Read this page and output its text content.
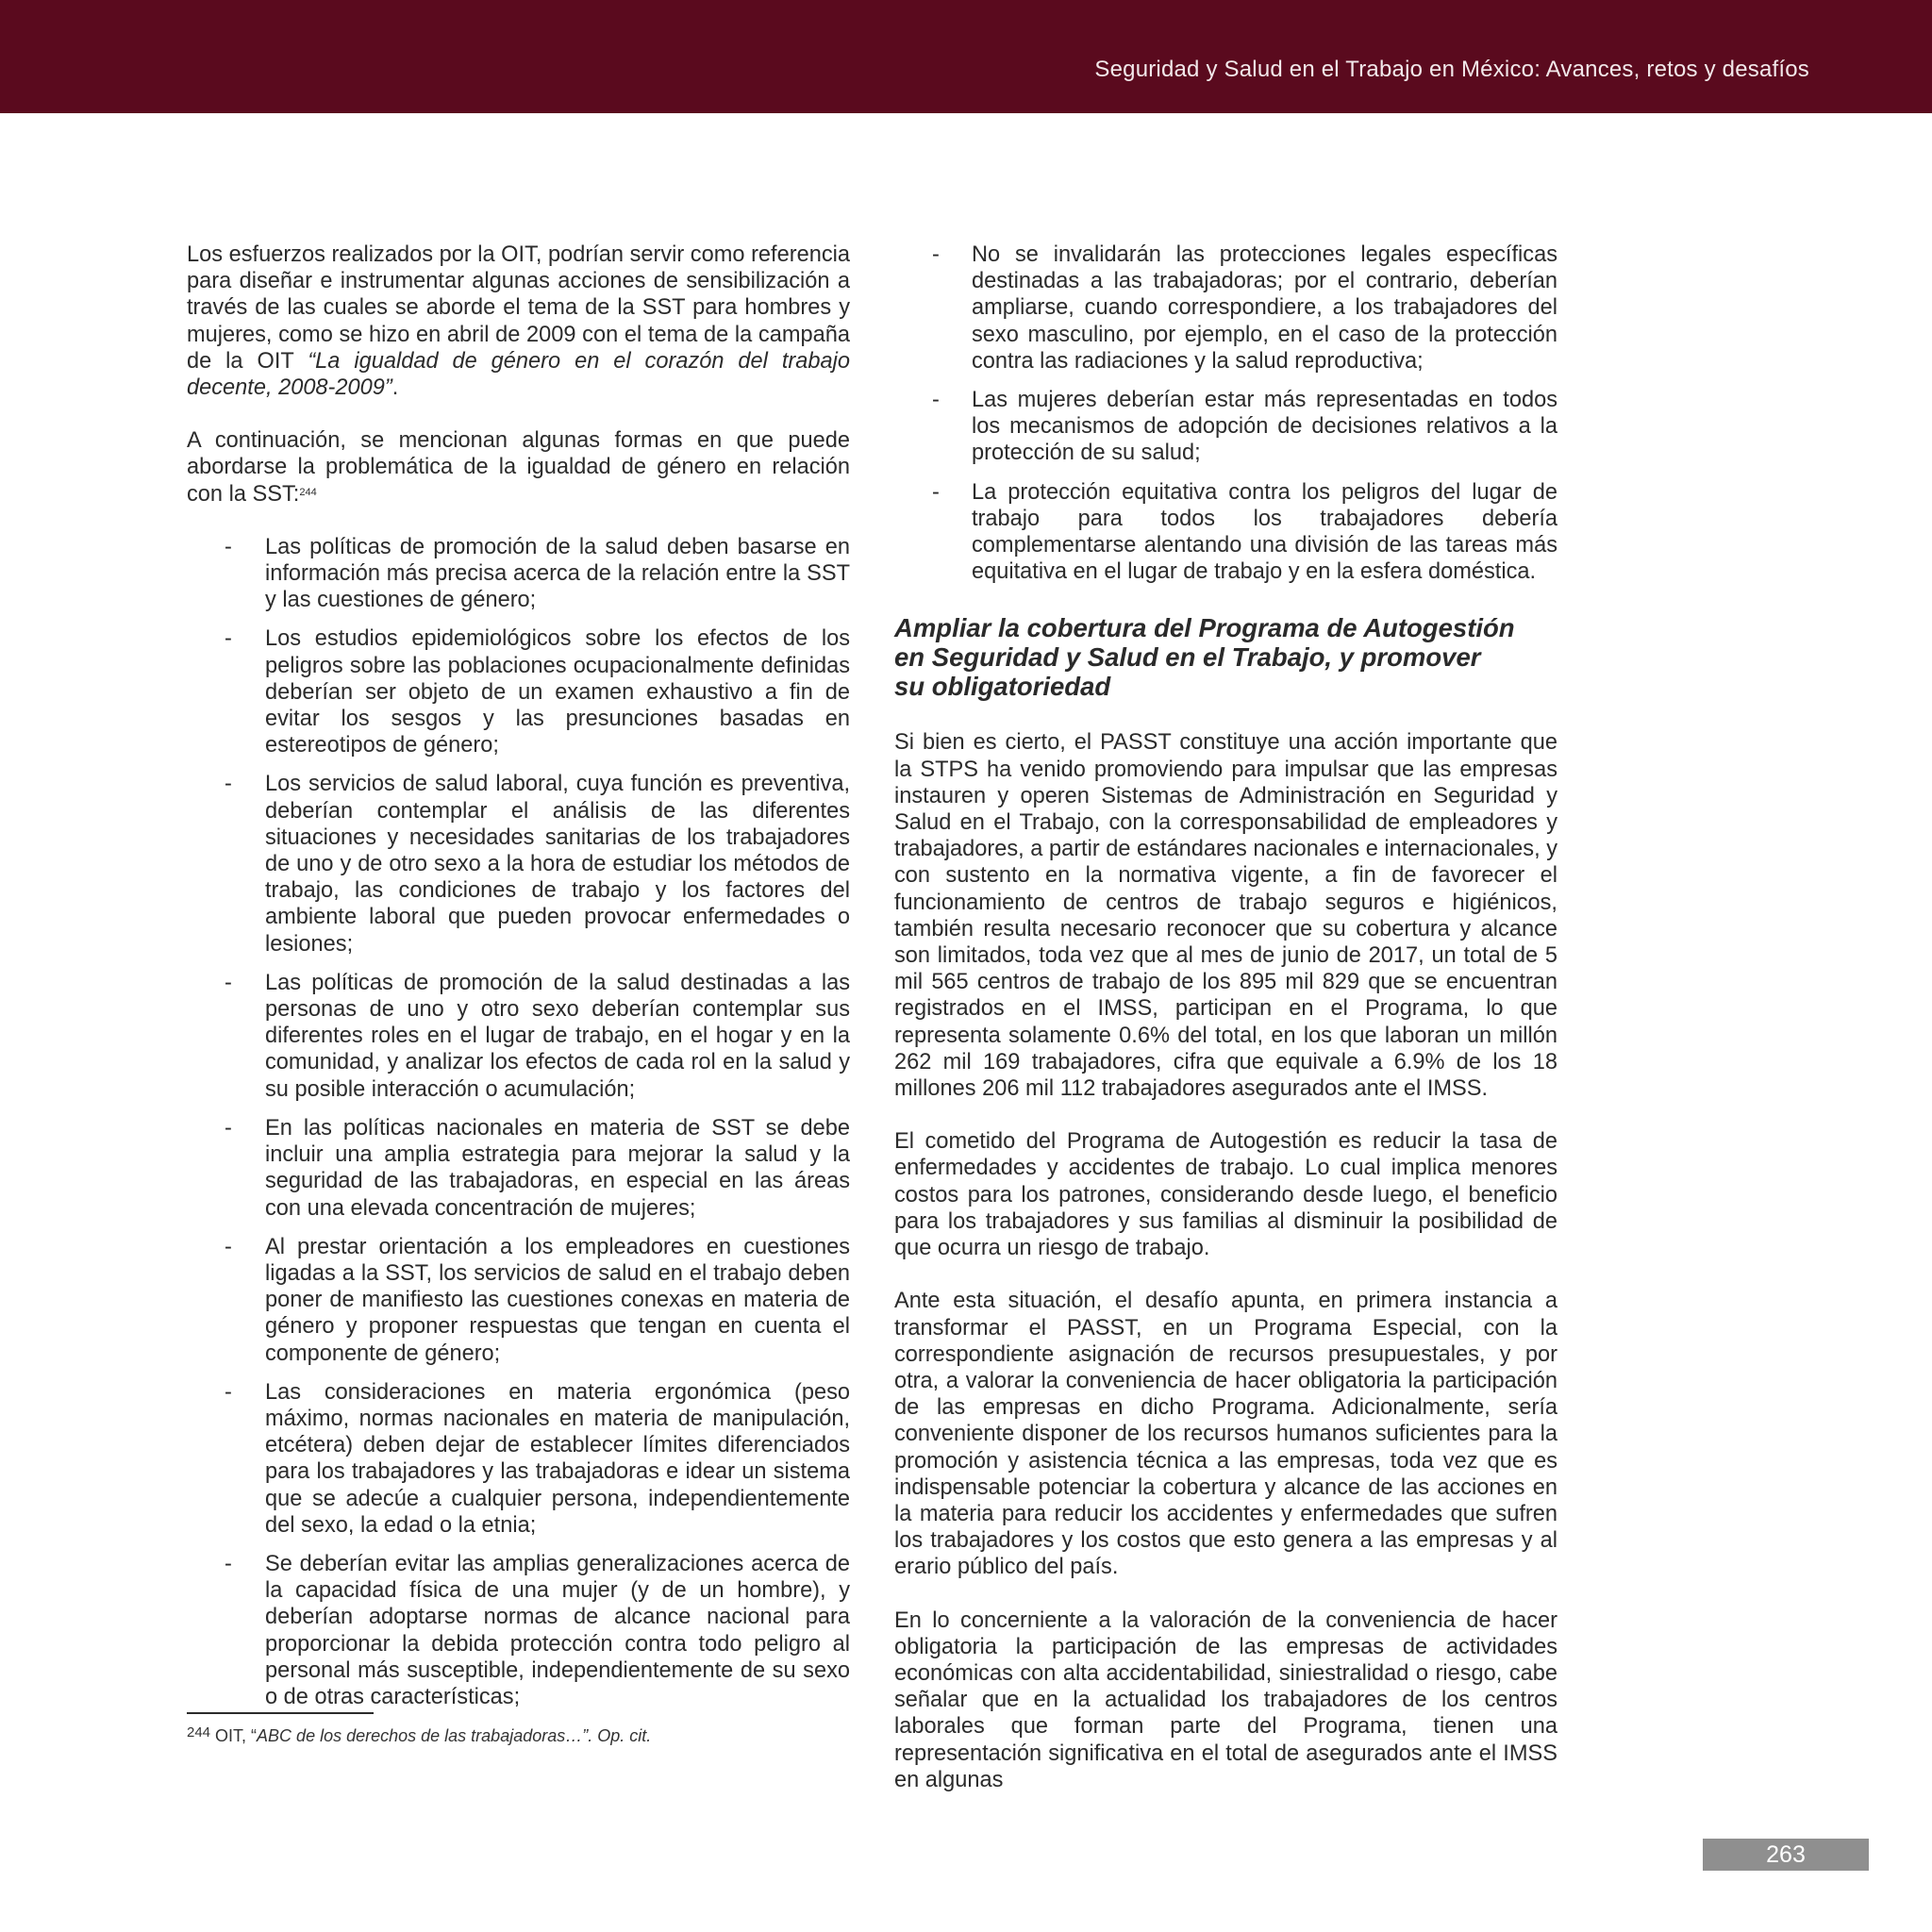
Seguridad y Salud en el Trabajo en México: Avances, retos y desafíos

Los esfuerzos realizados por la OIT, podrían servir como referencia para diseñar e instrumentar algunas acciones de sensibilización a través de las cuales se aborde el tema de la SST para hombres y mujeres, como se hizo en abril de 2009 con el tema de la campaña de la OIT “La igualdad de género en el corazón del trabajo decente, 2008-2009”.

A continuación, se mencionan algunas formas en que puede abordarse la problemática de la igualdad de género en relación con la SST:$^{244}$

- Las políticas de promoción de la salud deben basarse en información más precisa acerca de la relación entre la SST y las cuestiones de género;
- Los estudios epidemiológicos sobre los efectos de los peligros sobre las poblaciones ocupacionalmente definidas deberían ser objeto de un examen exhaustivo a fin de evitar los sesgos y las presunciones basadas en estereotipos de género;
- Los servicios de salud laboral, cuya función es preventiva, deberían contemplar el análisis de las diferentes situaciones y necesidades sanitarias de los trabajadores de uno y de otro sexo a la hora de estudiar los métodos de trabajo, las condiciones de trabajo y los factores del ambiente laboral que pueden provocar enfermedades o lesiones;
- Las políticas de promoción de la salud destinadas a las personas de uno y otro sexo deberían contemplar sus diferentes roles en el lugar de trabajo, en el hogar y en la comunidad, y analizar los efectos de cada rol en la salud y su posible interacción o acumulación;
- En las políticas nacionales en materia de SST se debe incluir una amplia estrategia para mejorar la salud y la seguridad de las trabajadoras, en especial en las áreas con una elevada concentración de mujeres;
- Al prestar orientación a los empleadores en cuestiones ligadas a la SST, los servicios de salud en el trabajo deben poner de manifiesto las cuestiones conexas en materia de género y proponer respuestas que tengan en cuenta el componente de género;
- Las consideraciones en materia ergonómica (peso máximo, normas nacionales en materia de manipulación, etcétera) deben dejar de establecer límites diferenciados para los trabajadores y las trabajadoras e idear un sistema que se adecúe a cualquier persona, independientemente del sexo, la edad o la etnia;
- Se deberían evitar las amplias generalizaciones acerca de la capacidad física de una mujer (y de un hombre), y deberían adoptarse normas de alcance nacional para proporcionar la debida protección contra todo peligro al personal más susceptible, independientemente de su sexo o de otras características;
- No se invalidarán las protecciones legales específicas destinadas a las trabajadoras; por el contrario, deberían ampliarse, cuando correspondiere, a los trabajadores del sexo masculino, por ejemplo, en el caso de la protección contra las radiaciones y la salud reproductiva;
- Las mujeres deberían estar más representadas en todos los mecanismos de adopción de decisiones relativos a la protección de su salud;
- La protección equitativa contra los peligros del lugar de trabajo para todos los trabajadores debería complementarse alentando una división de las tareas más equitativa en el lugar de trabajo y en la esfera doméstica.
Ampliar la cobertura del Programa de Autogestión en Seguridad y Salud en el Trabajo, y promover su obligatoriedad

Si bien es cierto, el PASST constituye una acción importante que la STPS ha venido promoviendo para impulsar que las empresas instauren y operen Sistemas de Administración en Seguridad y Salud en el Trabajo, con la corresponsabilidad de empleadores y trabajadores, a partir de estándares nacionales e internacionales, y con sustento en la normativa vigente, a fin de favorecer el funcionamiento de centros de trabajo seguros e higiénicos, también resulta necesario reconocer que su cobertura y alcance son limitados, toda vez que al mes de junio de 2017, un total de 5 mil 565 centros de trabajo de los 895 mil 829 que se encuentran registrados en el IMSS, participan en el Programa, lo que representa solamente 0.6% del total, en los que laboran un millón 262 mil 169 trabajadores, cifra que equivale a 6.9% de los 18 millones 206 mil 112 trabajadores asegurados ante el IMSS.

El cometido del Programa de Autogestión es reducir la tasa de enfermedades y accidentes de trabajo. Lo cual implica menores costos para los patrones, considerando desde luego, el beneficio para los trabajadores y sus familias al disminuir la posibilidad de que ocurra un riesgo de trabajo.

Ante esta situación, el desafío apunta, en primera instancia a transformar el PASST, en un Programa Especial, con la correspondiente asignación de recursos presupuestales, y por otra, a valorar la conveniencia de hacer obligatoria la participación de las empresas en dicho Programa. Adicionalmente, sería conveniente disponer de los recursos humanos suficientes para la promoción y asistencia técnica a las empresas, toda vez que es indispensable potenciar la cobertura y alcance de las acciones en la materia para reducir los accidentes y enfermedades que sufren los trabajadores y los costos que esto genera a las empresas y al erario público del país.

En lo concerniente a la valoración de la conveniencia de hacer obligatoria la participación de las empresas de actividades económicas con alta accidentabilidad, siniestralidad o riesgo, cabe señalar que en la actualidad los trabajadores de los centros laborales que forman parte del Programa, tienen una representación significativa en el total de asegurados ante el IMSS en algunas

$^{244}$ OIT, “ABC de los derechos de las trabajadoras…”. Op. cit.
263
